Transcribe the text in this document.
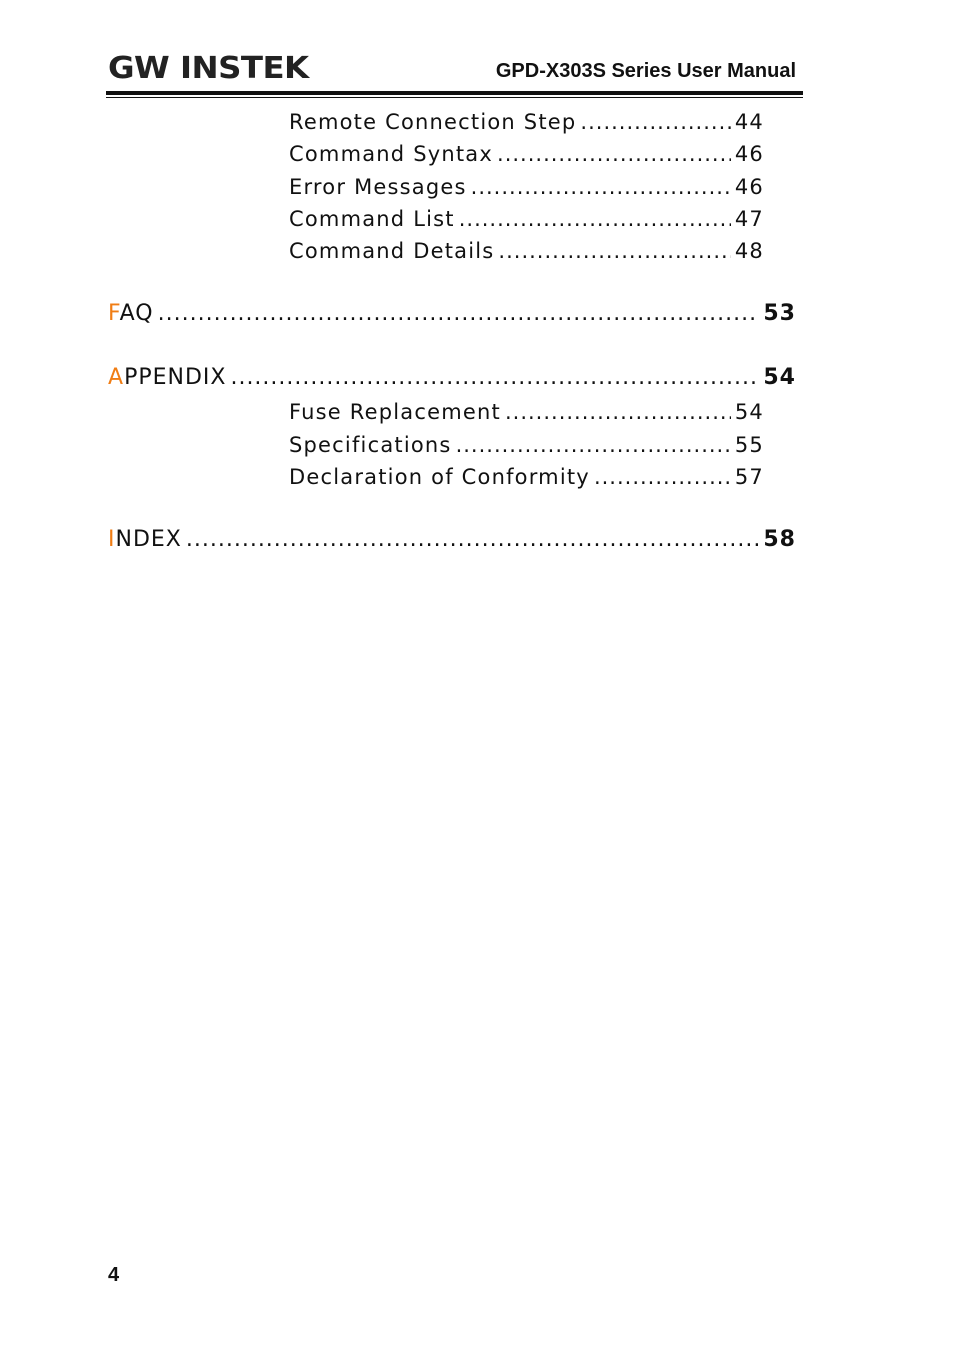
GW INSTEK	GPD-X303S Series User Manual
Remote Connection Step .....	44
Command Syntax .....	46
Error Messages .....	46
Command List .....	47
Command Details .....	48
FAQ .....	53
APPENDIX .....	54
Fuse Replacement .....	54
Specifications .....	55
Declaration of Conformity .....	57
INDEX .....	58
4
